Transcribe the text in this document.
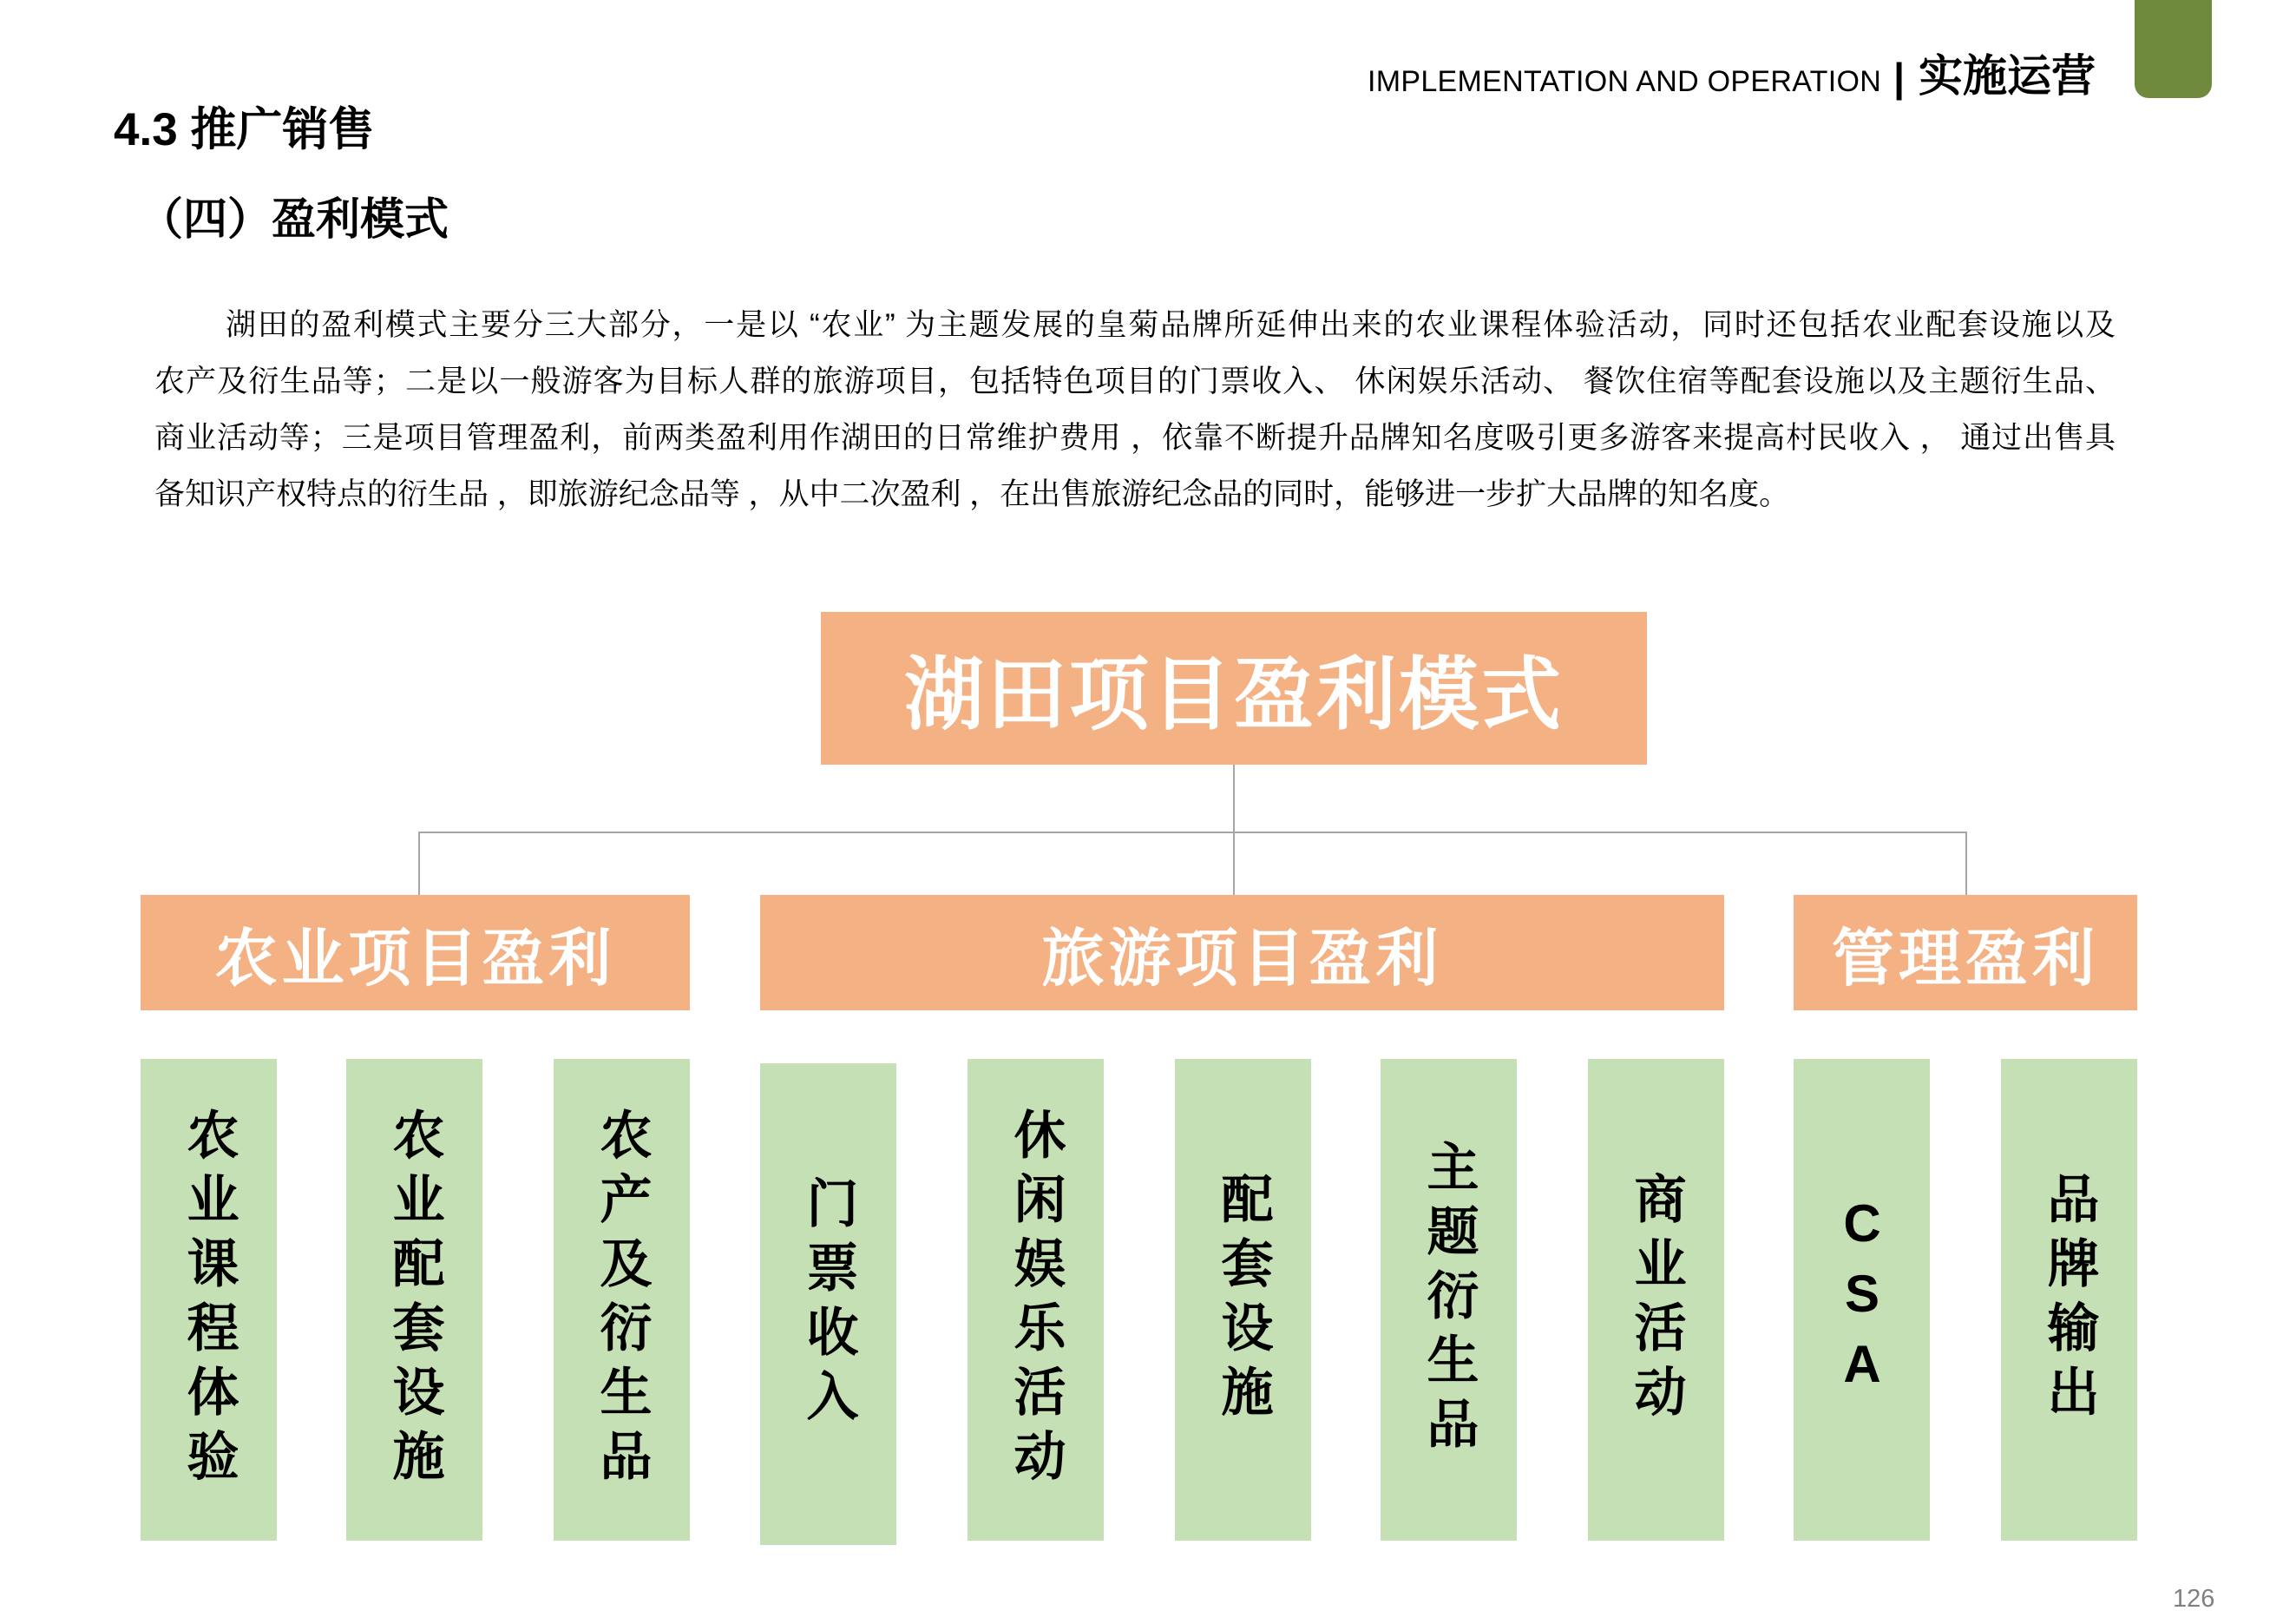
IMPLEMENTATION AND OPERATION | 实施运营
4.3 推广销售
（四）盈利模式
湖田的盈利模式主要分三大部分，一是以 “农业” 为主题发展的皇菊品牌所延伸出来的农业课程体验活动，同时还包括农业配套设施以及
农产及衍生品等；二是以一般游客为目标人群的旅游项目，包括特色项目的门票收入、 休闲娱乐活动、 餐饮住宿等配套设施以及主题衍生品、
商业活动等；三是项目管理盈利，前两类盈利用作湖田的日常维护费用 ，依靠不断提升品牌知名度吸引更多游客来提高村民收入 ， 通过出售具
备知识产权特点的衍生品 ，即旅游纪念品等 ，从中二次盈利 ，在出售旅游纪念品的同时，能够进一步扩大品牌的知名度。
湖田项目盈利模式
农业项目盈利	旅游项目盈利	管理盈利
农业课程体验	农业配套设施	农产及衍生品	门票收入	休闲娱乐活动	配套设施	主题衍生品	商业活动	CSA	品牌输出
126
